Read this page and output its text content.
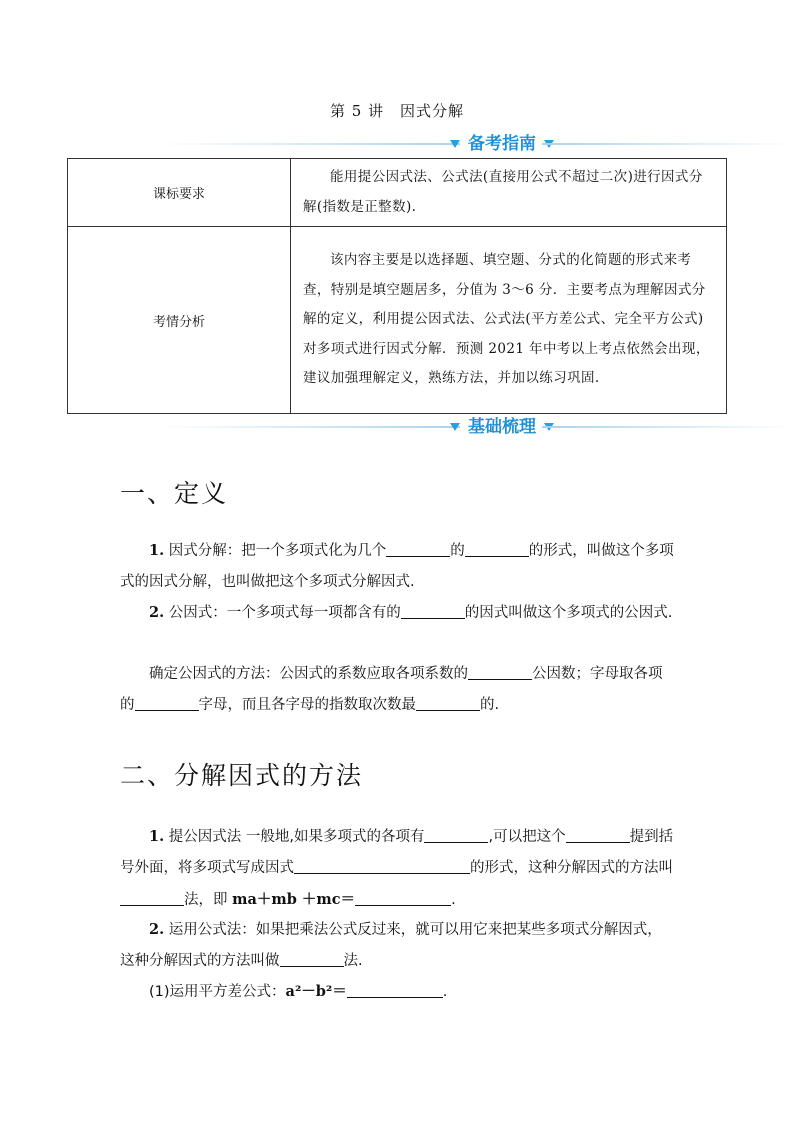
第 5 讲　因式分解
备考指南
课标要求	能用提公因式法、公式法(直接用公式不超过二次)进行因式分解(指数是正整数).
考情分析	该内容主要是以选择题、填空题、分式的化简题的形式来考查，特别是填空题居多，分值为 3～6 分．主要考点为理解因式分解的定义，利用提公因式法、公式法(平方差公式、完全平方公式)对多项式进行因式分解．预测 2021 年中考以上考点依然会出现，建议加强理解定义，熟练方法，并加以练习巩固.
基础梳理
一、定义

1. 因式分解：把一个多项式化为几个	的	的形式，叫做这个多项式的因式分解，也叫做把这个多项式分解因式.

2. 公因式：一个多项式每一项都含有的	的因式叫做这个多项式的公因式.

确定公因式的方法：公因式的系数应取各项系数的	公因数；字母取各项的	字母，而且各字母的指数取次数最	的.

二、分解因式的方法

1. 提公因式法 一般地,如果多项式的各项有	,可以把这个	提到括号外面，将多项式写成因式	的形式，这种分解因式的方法叫法，即 ma＋mb ＋mc＝	.

2. 运用公式法：如果把乘法公式反过来，就可以用它来把某些多项式分解因式，这种分解因式的方法叫做	法.

(1)运用平方差公式：a²－b²＝	.
